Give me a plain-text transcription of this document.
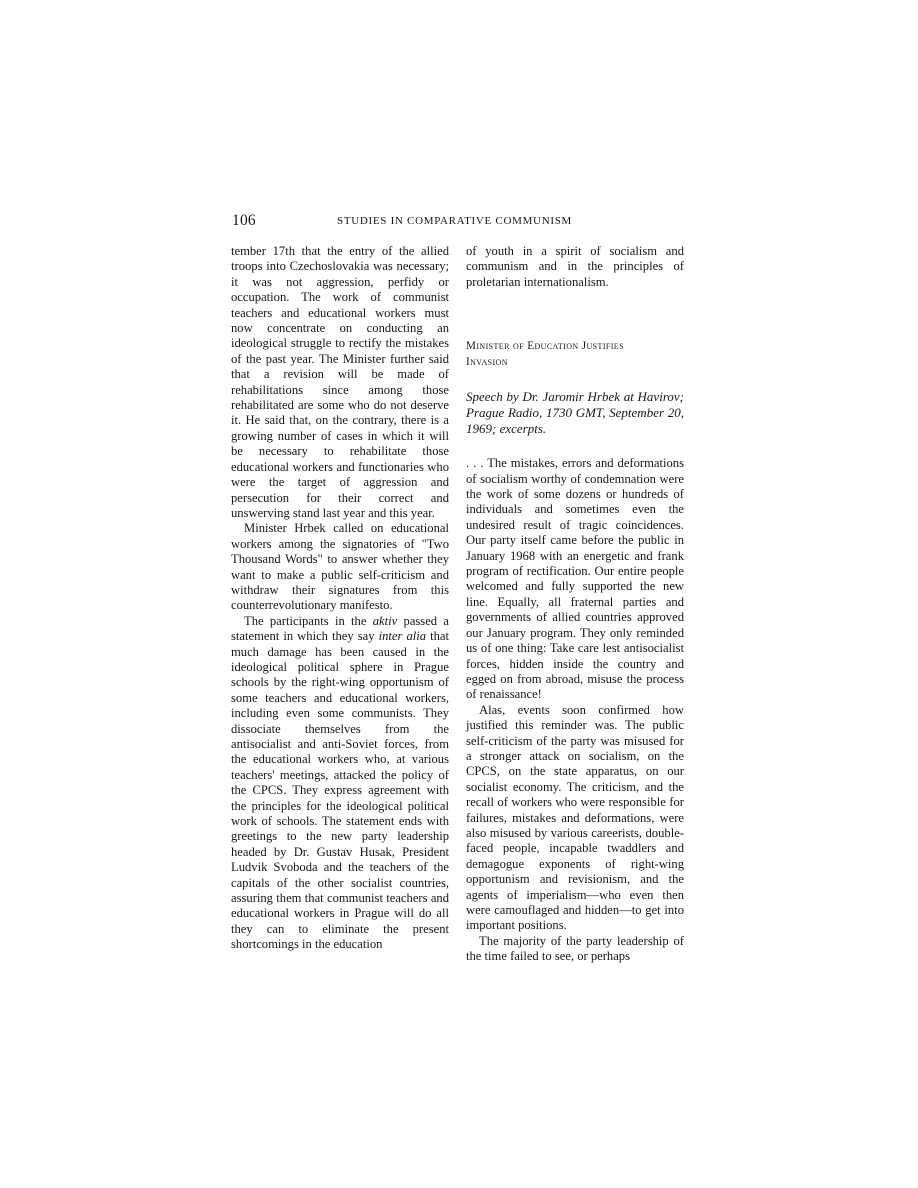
106	STUDIES IN COMPARATIVE COMMUNISM

tember 17th that the entry of the allied troops into Czechoslovakia was necessary; it was not aggression, perfidy or occupation. The work of communist teachers and educational workers must now concentrate on conducting an ideological struggle to rectify the mistakes of the past year. The Minister further said that a revision will be made of rehabilitations since among those rehabilitated are some who do not deserve it. He said that, on the contrary, there is a growing number of cases in which it will be necessary to rehabilitate those educational workers and functionaries who were the target of aggression and persecution for their correct and unswerving stand last year and this year.

Minister Hrbek called on educational workers among the signatories of "Two Thousand Words" to answer whether they want to make a public self-criticism and withdraw their signatures from this counterrevolutionary manifesto.

The participants in the aktiv passed a statement in which they say inter alia that much damage has been caused in the ideological political sphere in Prague schools by the right-wing opportunism of some teachers and educational workers, including even some communists. They dissociate themselves from the antisocialist and anti-Soviet forces, from the educational workers who, at various teachers' meetings, attacked the policy of the CPCS. They express agreement with the principles for the ideological political work of schools. The statement ends with greetings to the new party leadership headed by Dr. Gustav Husak, President Ludvik Svoboda and the teachers of the capitals of the other socialist countries, assuring them that communist teachers and educational workers in Prague will do all they can to eliminate the present shortcomings in the education

of youth in a spirit of socialism and communism and in the principles of proletarian internationalism.

Minister of Education Justifies
Invasion

Speech by Dr. Jaromir Hrbek at Havirov; Prague Radio, 1730 GMT, September 20, 1969; excerpts.

. . . The mistakes, errors and deformations of socialism worthy of condemnation were the work of some dozens or hundreds of individuals and sometimes even the undesired result of tragic coincidences. Our party itself came before the public in January 1968 with an energetic and frank program of rectification. Our entire people welcomed and fully supported the new line. Equally, all fraternal parties and governments of allied countries approved our January program. They only reminded us of one thing: Take care lest antisocialist forces, hidden inside the country and egged on from abroad, misuse the process of renaissance!

Alas, events soon confirmed how justified this reminder was. The public self-criticism of the party was misused for a stronger attack on socialism, on the CPCS, on the state apparatus, on our socialist economy. The criticism, and the recall of workers who were responsible for failures, mistakes and deformations, were also misused by various careerists, double-faced people, incapable twaddlers and demagogue exponents of right-wing opportunism and revisionism, and the agents of imperialism—who even then were camouflaged and hidden—to get into important positions.

The majority of the party leadership of the time failed to see, or perhaps
